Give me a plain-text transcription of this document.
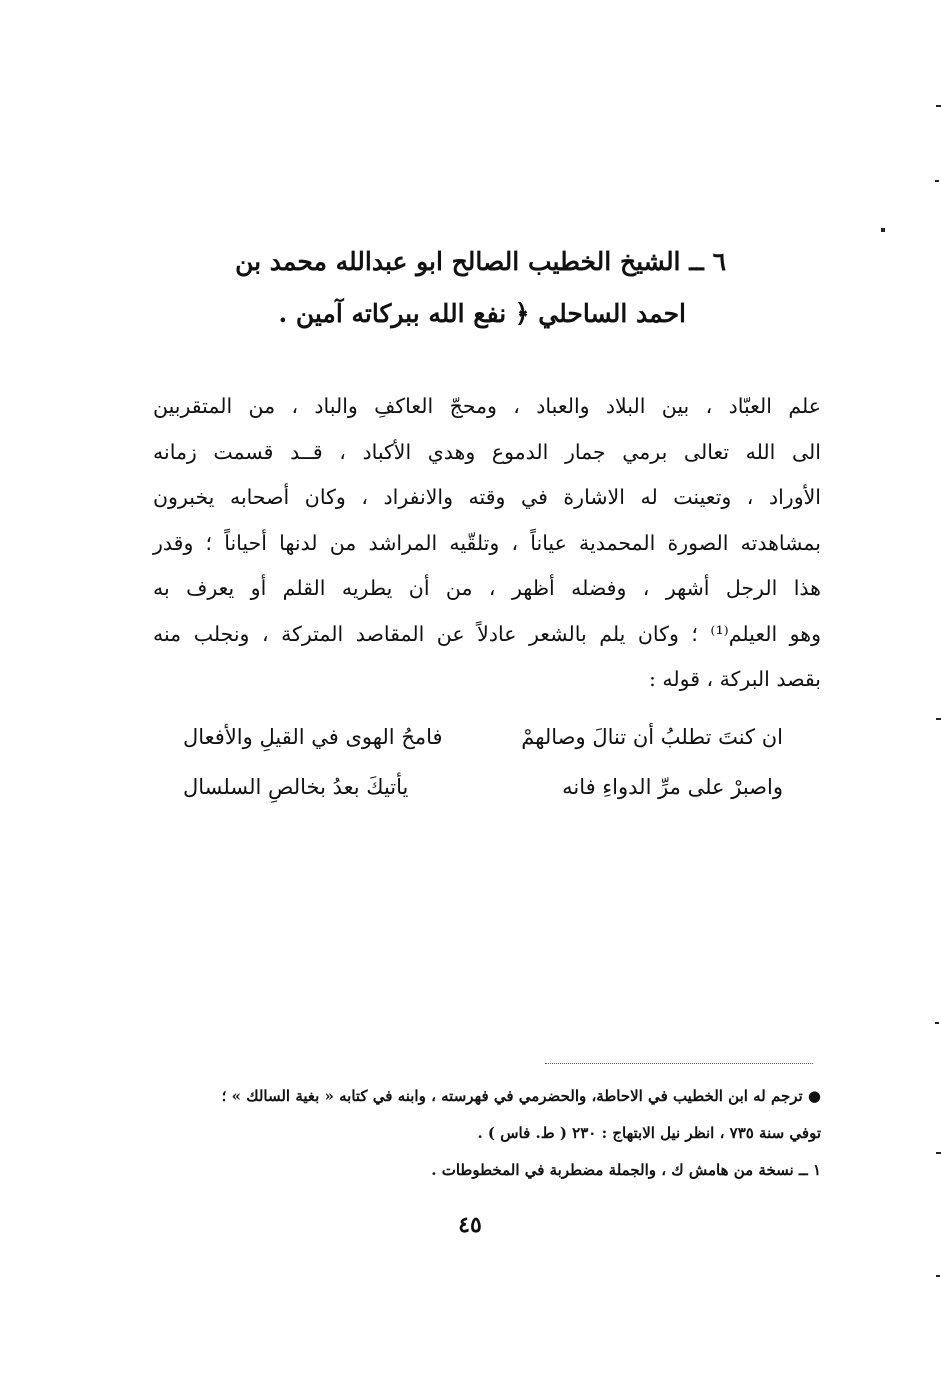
٦ ــ الشيخ الخطيب الصالح ابو عبدالله محمد بن
احمد الساحلي ﴿ نفع الله ببركاته آمين .
علم العبّاد ، بين البلاد والعباد ، ومحجّ العاكفِ والباد ، من المتقربين
الى الله تعالى برمي جمار الدموع وهدي الأكباد ، قــد قسمت زمانه
الأوراد ، وتعينت له الاشارة في وقته والانفراد ، وكان أصحابه يخبرون
بمشاهدته الصورة المحمدية عياناً ، وتلقّيه المراشد من لدنها أحياناً ؛ وقدر
هذا الرجل أشهر ، وفضله أظهر ، من أن يطريه القلم أو يعرف به
وهو العيلم⁽¹⁾ ؛ وكان يلم بالشعر عادلاً عن المقاصد المتركة ، ونجلب منه
بقصد البركة ، قوله :
ان كنتَ تطلبُ أن تنالَ وصالهمْ
فامحُ الهوى في القيلِ والأفعال
واصبرْ على مرِّ الدواءِ فانه
يأتيكَ بعدُ بخالصِ السلسال
● ترجم له ابن الخطيب في الاحاطة، والحضرمي في فهرسته ، وابنه في كتابه « بغية السالك » ؛
توفي سنة ٧٣٥ ، انظر نيل الابتهاج : ٢٣٠ ( ط. فاس ) .
١ ــ نسخة من هامش ك ، والجملة مضطربة في المخطوطات .
٤٥
